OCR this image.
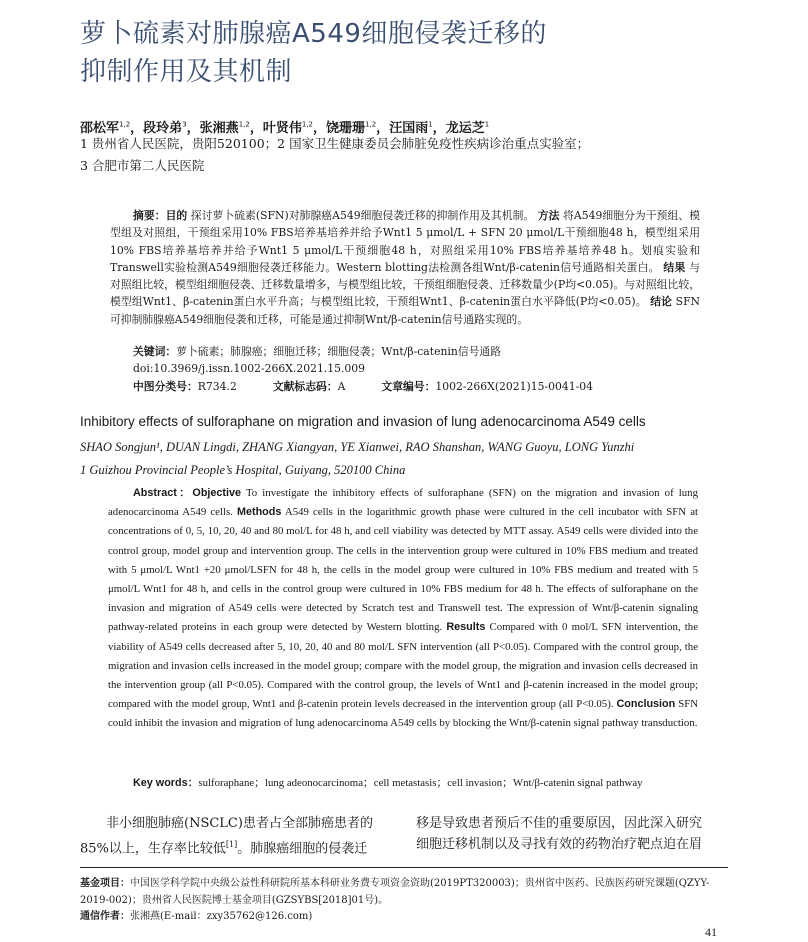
萝卜硫素对肺腺癌A549细胞侵袭迁移的
抑制作用及其机制
邵松军$^{1,2}$，段玲弟$^3$，张湘燕$^{1,2}$，叶贤伟$^{1,2}$，饶珊珊$^{1,2}$，汪国雨$^1$，龙运芝$^1$
1 贵州省人民医院，贵阳520100；2 国家卫生健康委员会肺脏免疫性疾病诊治重点实验室；
3 合肥市第二人民医院
摘要：目的 探讨萝卜硫素(SFN)对肺腺癌A549细胞侵袭迁移的抑制作用及其机制。 方法 将A549细胞分为干预组、模型组及对照组，干预组采用10% FBS培养基培养并给予Wnt1 5 μmol/L + SFN 20 μmol/L干预细胞48 h，模型组采用10% FBS培养基培养并给予Wnt1 5 μmol/L干预细胞48 h，对照组采用10% FBS培养基培养48 h。划痕实验和Transwell实验检测A549细胞侵袭迁移能力。Western blotting法检测各组Wnt/β-catenin信号通路相关蛋白。 结果 与对照组比较，模型组细胞侵袭、迁移数量增多，与模型组比较，干预组细胞侵袭、迁移数量少(P均<0.05)。与对照组比较，模型组Wnt1、β-catenin蛋白水平升高；与模型组比较，干预组Wnt1、β-catenin蛋白水平降低(P均<0.05)。 结论 SFN可抑制肺腺癌A549细胞侵袭和迁移，可能是通过抑制Wnt/β-catenin信号通路实现的。
关键词：萝卜硫素；肺腺癌；细胞迁移；细胞侵袭；Wnt/β-catenin信号通路
doi:10.3969/j.issn.1002-266X.2021.15.009
中图分类号：R734.2	文献标志码：A	文章编号：1002-266X(2021)15-0041-04
Inhibitory effects of sulforaphane on migration and invasion of lung adenocarcinoma A549 cells
SHAO Songjun¹, DUAN Lingdi, ZHANG Xiangyan, YE Xianwei, RAO Shanshan, WANG Guoyu, LONG Yunzhi
1 Guizhou Provincial People’s Hospital, Guiyang, 520100 China
Abstract：Objective To investigate the inhibitory effects of sulforaphane (SFN) on the migration and invasion of lung adenocarcinoma A549 cells. Methods A549 cells in the logarithmic growth phase were cultured in the cell incubator with SFN at concentrations of 0, 5, 10, 20, 40 and 80 mol/L for 48 h, and cell viability was detected by MTT assay. A549 cells were divided into the control group, model group and intervention group. The cells in the intervention group were cultured in 10% FBS medium and treated with 5 μmol/L Wnt1 +20 μmol/LSFN for 48 h, the cells in the model group were cultured in 10% FBS medium and treated with 5 μmol/L Wnt1 for 48 h, and cells in the control group were cultured in 10% FBS medium for 48 h. The effects of sulforaphane on the invasion and migration of A549 cells were detected by Scratch test and Transwell test. The expression of Wnt/β-catenin signaling pathway-related proteins in each group were detected by Western blotting. Results Compared with 0 mol/L SFN intervention, the viability of A549 cells decreased after 5, 10, 20, 40 and 80 mol/L SFN intervention (all P<0.05). Compared with the control group, the migration and invasion cells increased in the model group; compare with the model group, the migration and invasion cells decreased in the intervention group (all P<0.05). Compared with the control group, the levels of Wnt1 and β-catenin increased in the model group; compared with the model group, Wnt1 and β-catenin protein levels decreased in the intervention group (all P<0.05). Conclusion SFN could inhibit the invasion and migration of lung adenocarcinoma A549 cells by blocking the Wnt/β-catenin signal pathway transduction.
Key words：sulforaphane；lung adeonocarcinoma；cell metastasis；cell invasion；Wnt/β-catenin signal pathway
非小细胞肺癌(NSCLC)患者占全部肺癌患者的
85%以上，生存率比较低[1]。肺腺癌细胞的侵袭迁
移是导致患者预后不佳的重要原因，因此深入研究
细胞迁移机制以及寻找有效的药物治疗靶点迫在眉
基金项目：中国医学科学院中央级公益性科研院所基本科研业务费专项资金资助(2019PT320003)；贵州省中医药、民族医药研究课题(QZYY-2019-002)；贵州省人民医院博士基金项目(GZSYBS[2018]01号)。
通信作者：张湘燕(E-mail：zxy35762@126.com)
41
